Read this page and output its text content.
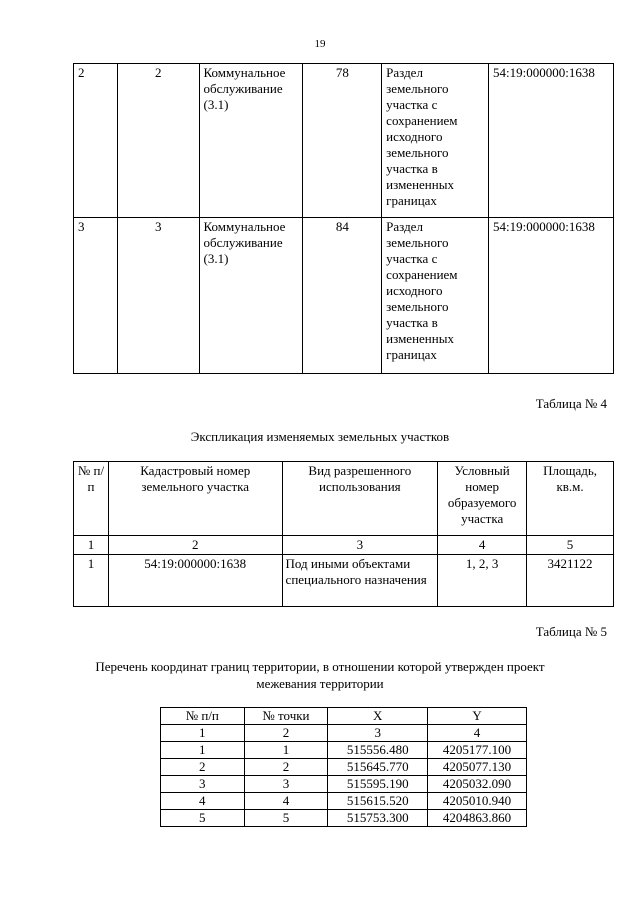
19
2	2	Коммунальное обслуживание (3.1)	78	Раздел земельного участка с сохранением исходного земельного участка в измененных границах	54:19:000000:1638
3	3	Коммунальное обслуживание (3.1)	84	Раздел земельного участка с сохранением исходного земельного участка в измененных границах	54:19:000000:1638
Таблица № 4
Экспликация изменяемых земельных участков
№ п/п	Кадастровый номер земельного участка	Вид разрешенного использования	Условный номер образуемого участка	Площадь, кв.м.
1	2	3	4	5
1	54:19:000000:1638	Под иными объектами специального назначения	1, 2, 3	3421122
Таблица № 5
Перечень координат границ территории, в отношении которой утвержден проект межевания территории
№ п/п	№ точки	X	Y
1	2	3	4
1	1	515556.480	4205177.100
2	2	515645.770	4205077.130
3	3	515595.190	4205032.090
4	4	515615.520	4205010.940
5	5	515753.300	4204863.860
